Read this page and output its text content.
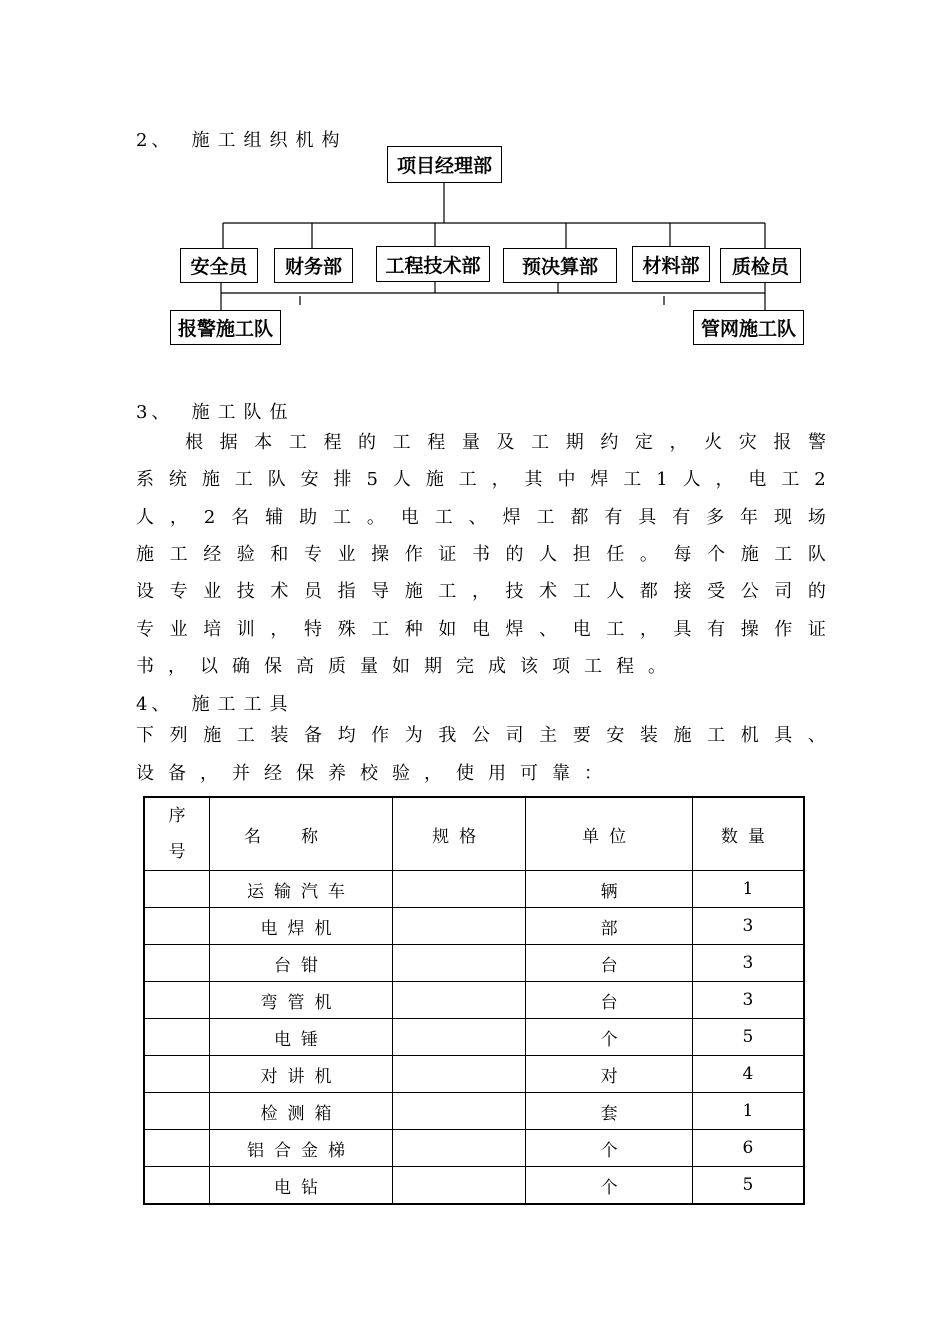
2、 施工组织机构
项目经理部
安全员	财务部	工程技术部	预决算部	材料部	质检员
报警施工队	管网施工队
3、 施工队伍
根 据 本 工 程 的 工 程 量 及 工 期 约 定 ， 火 灾 报 警
系 统 施 工 队 安 排 5 人 施 工 ， 其 中 焊 工 1 人 ， 电 工 2
人 ， 2 名 辅 助 工 。 电 工 、 焊 工 都 有 具 有 多 年 现 场
施 工 经 验 和 专 业 操 作 证 书 的 人 担 任 。 每 个 施 工 队
设 专 业 技 术 员 指 导 施 工 ， 技 术 工 人 都 接 受 公 司 的
专 业 培 训 ， 特 殊 工 种 如 电 焊 、 电 工 ， 具 有 操 作 证
书 ， 以 确 保 高 质 量 如 期 完 成 该 项 工 程 。
4、 施工工具
下 列 施 工 装 备 均 作 为 我 公 司 主 要 安 装 施 工 机 具 、
设 备 ， 并 经 保 养 校 验 ， 使 用 可 靠 ：
序号	名称	规格	单位	数量
	运输汽车		辆	1
	电焊机		部	3
	台钳		台	3
	弯管机		台	3
	电锤		个	5
	对讲机		对	4
	检测箱		套	1
	铝合金梯		个	6
	电钻		个	5
